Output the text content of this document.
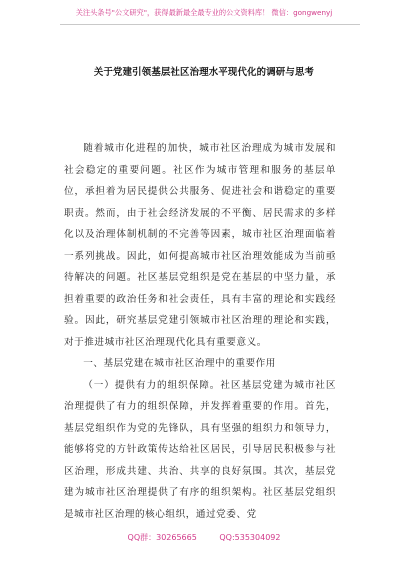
关注头条号"公文研究"，获得最新最全最专业的公文资料库！ 微信：gongwenyj
关于党建引领基层社区治理水平现代化的调研与思考

随着城市化进程的加快，城市社区治理成为城市发展和社会稳定的重要问题。社区作为城市管理和服务的基层单位，承担着为居民提供公共服务、促进社会和谐稳定的重要职责。然而，由于社会经济发展的不平衡、居民需求的多样化以及治理体制机制的不完善等因素，城市社区治理面临着一系列挑战。因此，如何提高城市社区治理效能成为当前亟待解决的问题。社区基层党组织是党在基层的中坚力量，承担着重要的政治任务和社会责任，具有丰富的理论和实践经验。因此，研究基层党建引领城市社区治理的理论和实践，对于推进城市社区治理现代化具有重要意义。

一、基层党建在城市社区治理中的重要作用

（一）提供有力的组织保障。社区基层党建为城市社区治理提供了有力的组织保障，并发挥着重要的作用。首先，基层党组织作为党的先锋队，具有坚强的组织力和领导力，能够将党的方针政策传达给社区居民，引导居民积极参与社区治理，形成共建、共治、共享的良好氛围。其次，基层党建为城市社区治理提供了有序的组织架构。社区基层党组织是城市社区治理的核心组织，通过党委、党

QQ群：30265665	QQ:535304092
